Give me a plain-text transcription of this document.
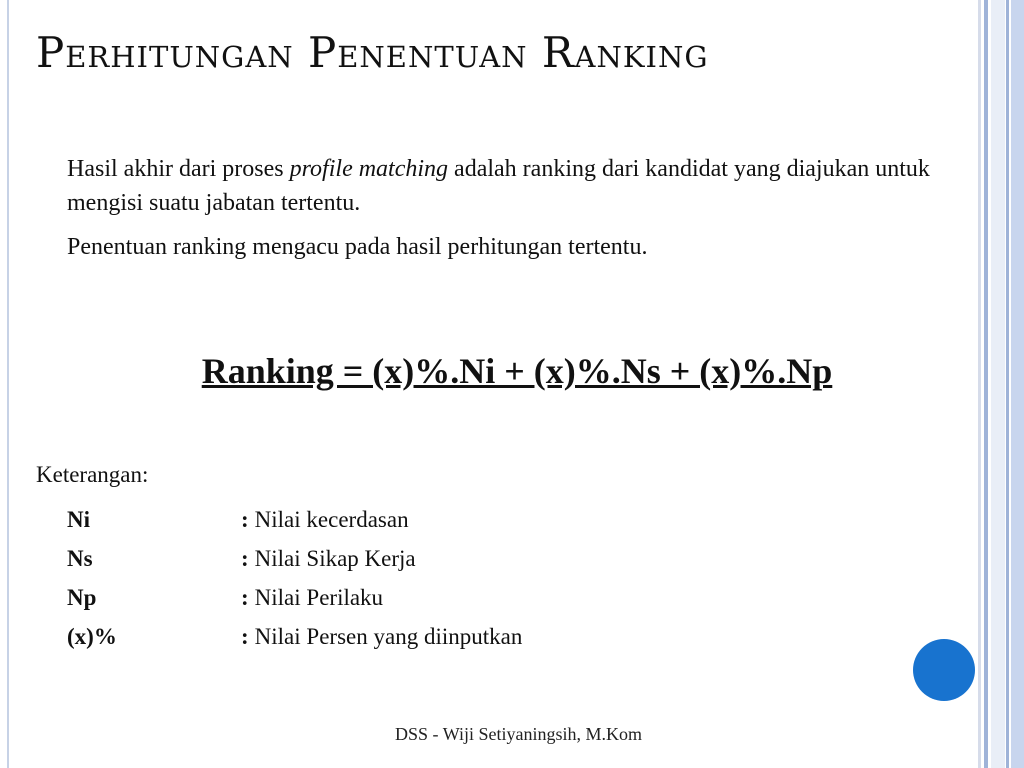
Perhitungan Penentuan Ranking
Hasil akhir dari proses profile matching adalah ranking dari kandidat yang diajukan untuk mengisi suatu jabatan tertentu.
Penentuan ranking mengacu pada hasil perhitungan tertentu.
Ranking = (x)%.Ni + (x)%.Ns + (x)%.Np
Keterangan:
Ni	: Nilai kecerdasan
Ns	: Nilai Sikap Kerja
Np	: Nilai Perilaku
(x)%	: Nilai Persen yang diinputkan
DSS - Wiji Setiyaningsih, M.Kom
